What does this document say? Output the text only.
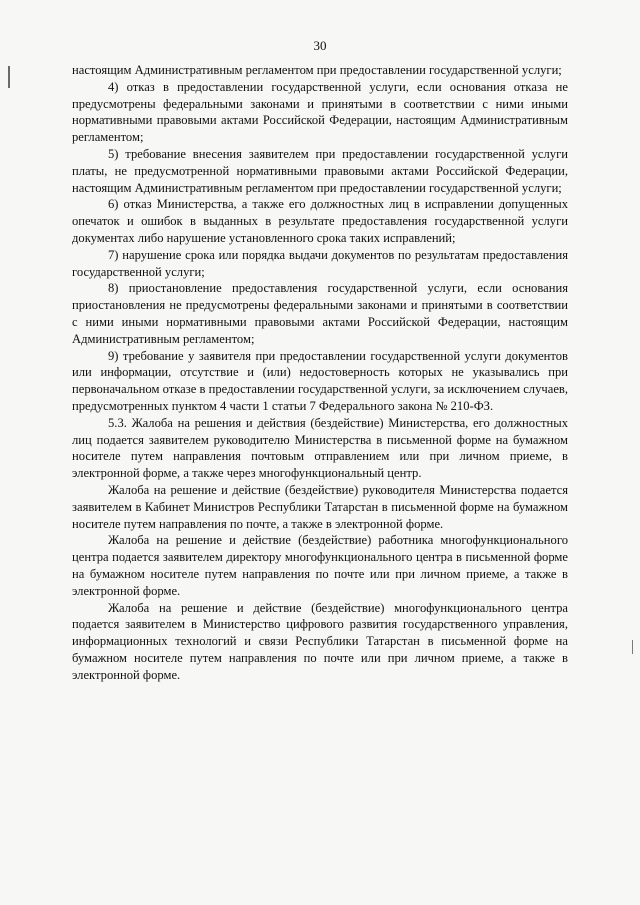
30

настоящим Административным регламентом при предоставлении государственной услуги;

4) отказ в предоставлении государственной услуги, если основания отказа не предусмотрены федеральными законами и принятыми в соответствии с ними иными нормативными правовыми актами Российской Федерации, настоящим Административным регламентом;

5) требование внесения заявителем при предоставлении государственной услуги платы, не предусмотренной нормативными правовыми актами Российской Федерации, настоящим Административным регламентом при предоставлении государственной услуги;

6) отказ Министерства, а также его должностных лиц в исправлении допущенных опечаток и ошибок в выданных в результате предоставления государственной услуги документах либо нарушение установленного срока таких исправлений;

7) нарушение срока или порядка выдачи документов по результатам предоставления государственной услуги;

8) приостановление предоставления государственной услуги, если основания приостановления не предусмотрены федеральными законами и принятыми в соответствии с ними иными нормативными правовыми актами Российской Федерации, настоящим Административным регламентом;

9) требование у заявителя при предоставлении государственной услуги документов или информации, отсутствие и (или) недостоверность которых не указывались при первоначальном отказе в предоставлении государственной услуги, за исключением случаев, предусмотренных пунктом 4 части 1 статьи 7 Федерального закона № 210-ФЗ.

5.3. Жалоба на решения и действия (бездействие) Министерства, его должностных лиц подается заявителем руководителю Министерства в письменной форме на бумажном носителе путем направления почтовым отправлением или при личном приеме, в электронной форме, а также через многофункциональный центр.

Жалоба на решение и действие (бездействие) руководителя Министерства подается заявителем в Кабинет Министров Республики Татарстан в письменной форме на бумажном носителе путем направления по почте, а также в электронной форме.

Жалоба на решение и действие (бездействие) работника многофункционального центра подается заявителем директору многофункционального центра в письменной форме на бумажном носителе путем направления по почте или при личном приеме, а также в электронной форме.

Жалоба на решение и действие (бездействие) многофункционального центра подается заявителем в Министерство цифрового развития государственного управления, информационных технологий и связи Республики Татарстан в письменной форме на бумажном носителе путем направления по почте или при личном приеме, а также в электронной форме.
